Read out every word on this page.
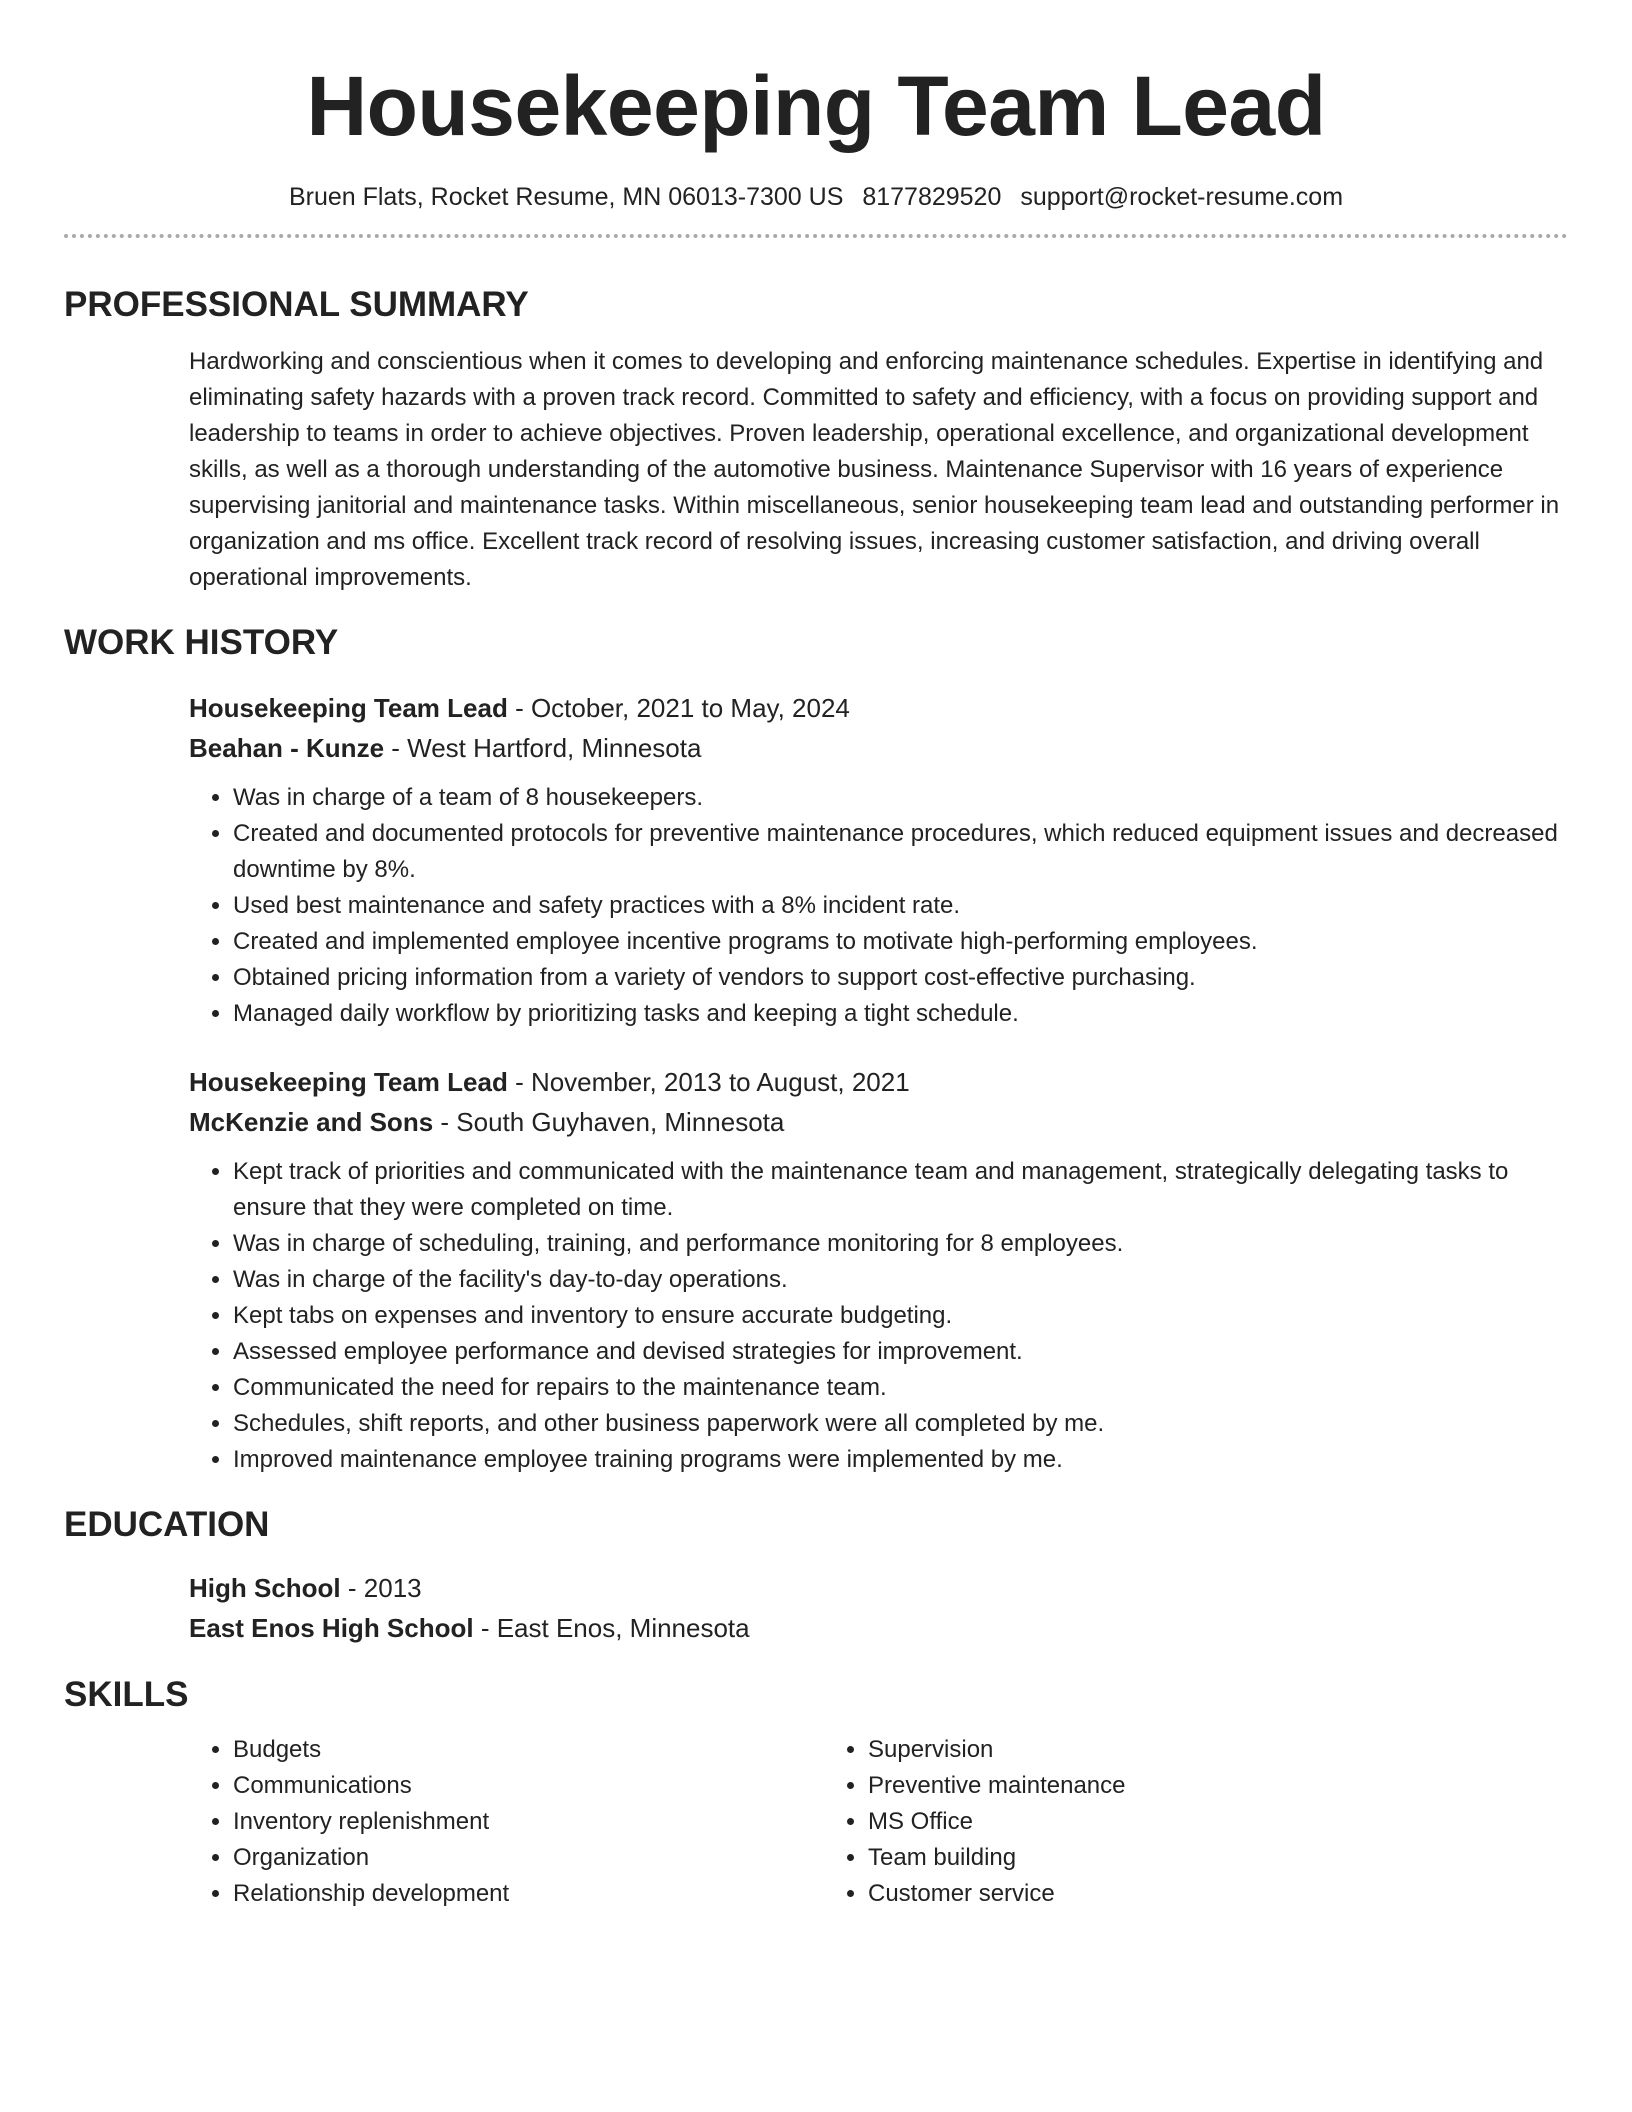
Housekeeping Team Lead
Bruen Flats, Rocket Resume, MN 06013-7300 US 8177829520 support@rocket-resume.com
PROFESSIONAL SUMMARY

Hardworking and conscientious when it comes to developing and enforcing maintenance schedules. Expertise in identifying and eliminating safety hazards with a proven track record. Committed to safety and efficiency, with a focus on providing support and leadership to teams in order to achieve objectives. Proven leadership, operational excellence, and organizational development skills, as well as a thorough understanding of the automotive business. Maintenance Supervisor with 16 years of experience supervising janitorial and maintenance tasks. Within miscellaneous, senior housekeeping team lead and outstanding performer in organization and ms office. Excellent track record of resolving issues, increasing customer satisfaction, and driving overall operational improvements.

WORK HISTORY
Housekeeping Team Lead - October, 2021 to May, 2024
Beahan - Kunze - West Hartford, Minnesota
• Was in charge of a team of 8 housekeepers.
• Created and documented protocols for preventive maintenance procedures, which reduced equipment issues and decreased downtime by 8%.
• Used best maintenance and safety practices with a 8% incident rate.
• Created and implemented employee incentive programs to motivate high-performing employees.
• Obtained pricing information from a variety of vendors to support cost-effective purchasing.
• Managed daily workflow by prioritizing tasks and keeping a tight schedule.
Housekeeping Team Lead - November, 2013 to August, 2021
McKenzie and Sons - South Guyhaven, Minnesota
• Kept track of priorities and communicated with the maintenance team and management, strategically delegating tasks to ensure that they were completed on time.
• Was in charge of scheduling, training, and performance monitoring for 8 employees.
• Was in charge of the facility's day-to-day operations.
• Kept tabs on expenses and inventory to ensure accurate budgeting.
• Assessed employee performance and devised strategies for improvement.
• Communicated the need for repairs to the maintenance team.
• Schedules, shift reports, and other business paperwork were all completed by me.
• Improved maintenance employee training programs were implemented by me.
EDUCATION
High School - 2013
East Enos High School - East Enos, Minnesota
SKILLS
• Budgets
• Communications
• Inventory replenishment
• Organization
• Relationship development
• Supervision
• Preventive maintenance
• MS Office
• Team building
• Customer service
